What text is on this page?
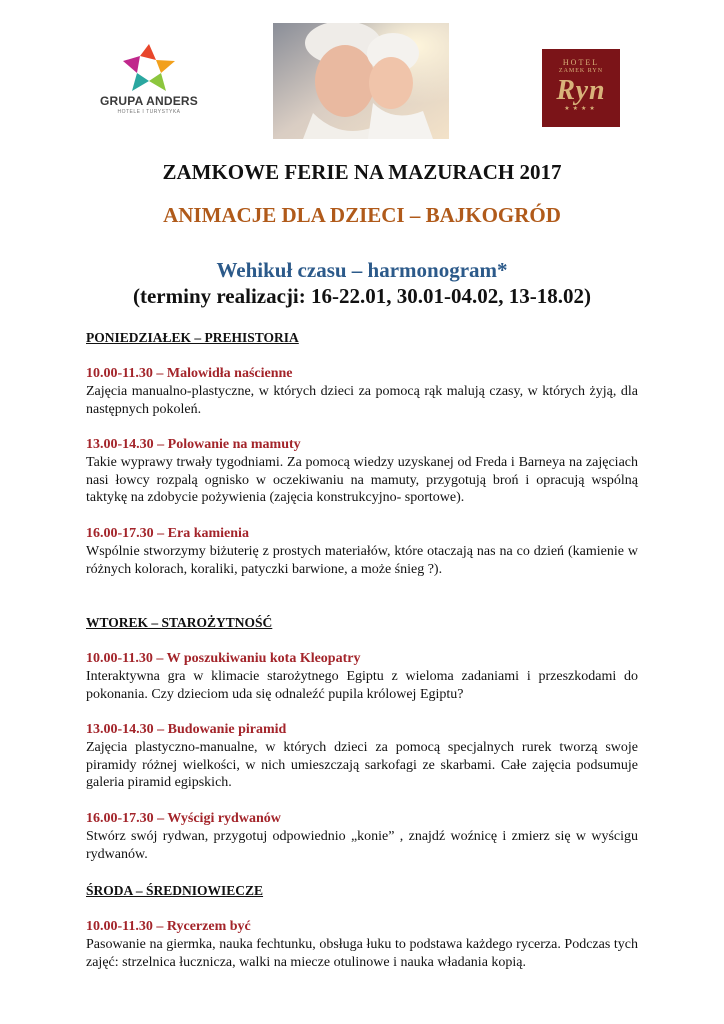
GRUPA ANDERS
HOTELE I TURYSTYKA
HOTEL
ZAMEK RYN
Ryn
★★★★
ZAMKOWE FERIE NA MAZURACH 2017
ANIMACJE DLA DZIECI – BAJKOGRÓD
Wehikuł czasu – harmonogram*
(terminy realizacji: 16-22.01, 30.01-04.02, 13-18.02)
PONIEDZIAŁEK – PREHISTORIA
10.00-11.30 – Malowidła naścienne
Zajęcia manualno-plastyczne, w których dzieci za pomocą rąk malują czasy, w których żyją, dla następnych pokoleń.
13.00-14.30 – Polowanie na mamuty
Takie wyprawy trwały tygodniami. Za pomocą wiedzy uzyskanej od Freda i Barneya na zajęciach nasi łowcy rozpalą ognisko w oczekiwaniu na mamuty, przygotują broń i opracują wspólną taktykę na zdobycie pożywienia (zajęcia konstrukcyjno- sportowe).
16.00-17.30 – Era kamienia
Wspólnie stworzymy biżuterię z prostych materiałów, które otaczają nas na co dzień (kamienie w różnych kolorach, koraliki, patyczki barwione, a może śnieg ?).
WTOREK – STAROŻYTNOŚĆ
10.00-11.30 – W poszukiwaniu kota Kleopatry
Interaktywna gra w klimacie starożytnego Egiptu z wieloma zadaniami i przeszkodami do pokonania. Czy dzieciom uda się odnaleźć pupila królowej Egiptu?
13.00-14.30 – Budowanie piramid
Zajęcia plastyczno-manualne, w których dzieci za pomocą specjalnych rurek tworzą swoje piramidy różnej wielkości, w nich umieszczają sarkofagi ze skarbami. Całe zajęcia podsumuje galeria piramid egipskich.
16.00-17.30 – Wyścigi rydwanów
Stwórz swój rydwan, przygotuj odpowiednio „konie” , znajdź woźnicę i zmierz się w wyścigu rydwanów.
ŚRODA – ŚREDNIOWIECZE
10.00-11.30 – Rycerzem być
Pasowanie na giermka, nauka fechtunku, obsługa łuku to podstawa każdego rycerza. Podczas tych zajęć: strzelnica łucznicza, walki na miecze otulinowe i nauka władania kopią.
